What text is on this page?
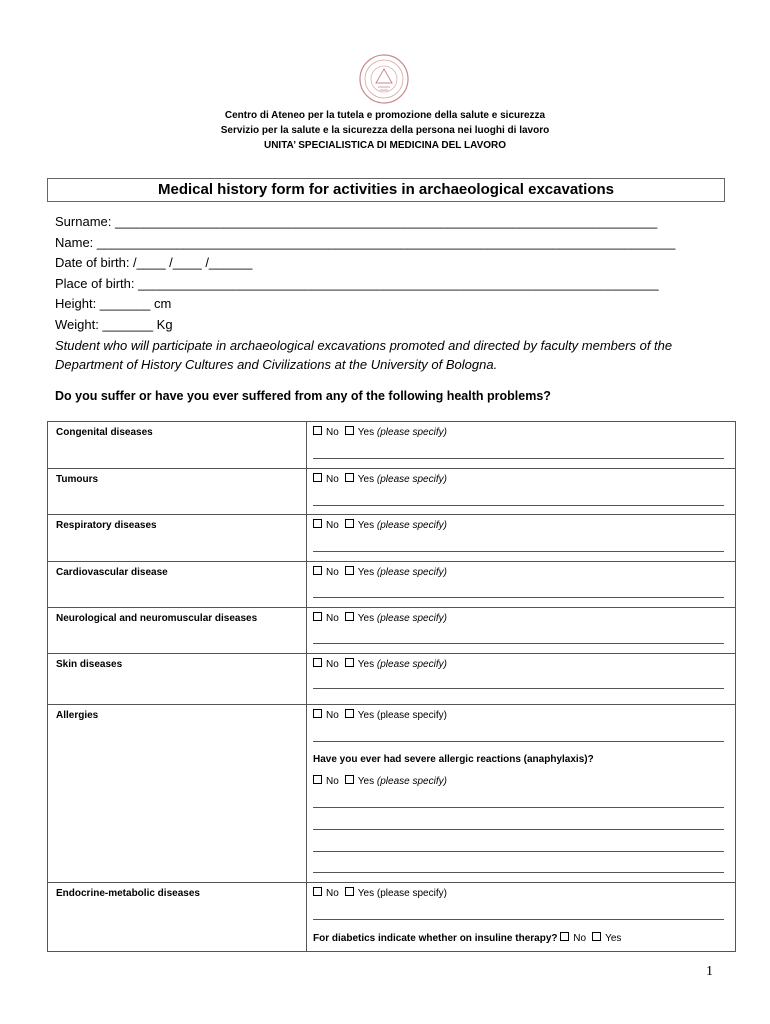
Centro di Ateneo per la tutela e promozione della salute e sicurezza
Servizio per la salute e la sicurezza della persona nei luoghi di lavoro
UNITA’ SPECIALISTICA DI MEDICINA DEL LAVORO
Medical history form for activities in archaeological excavations
Surname: ___________________________________________________________________________
Name: ________________________________________________________________________________
Date of birth: /____ /____ /______
Place of birth: ________________________________________________________________________
Height: _______ cm
Weight: _______ Kg
Student who will participate in archaeological excavations promoted and directed by faculty members of the Department of History Cultures and Civilizations at the University of Bologna.
Do you suffer or have you ever suffered from any of the following health problems?
Congenital diseases	No Yes (please specify)
Tumours	No Yes (please specify)
Respiratory diseases	No Yes (please specify)
Cardiovascular disease	No Yes (please specify)
Neurological and neuromuscular diseases	No Yes (please specify)
Skin diseases	No Yes (please specify)
Allergies	No Yes (please specify)
Have you ever had severe allergic reactions (anaphylaxis)?
No Yes (please specify)
Endocrine-metabolic diseases	No Yes (please specify)
For diabetics indicate whether on insuline therapy? No Yes
1
